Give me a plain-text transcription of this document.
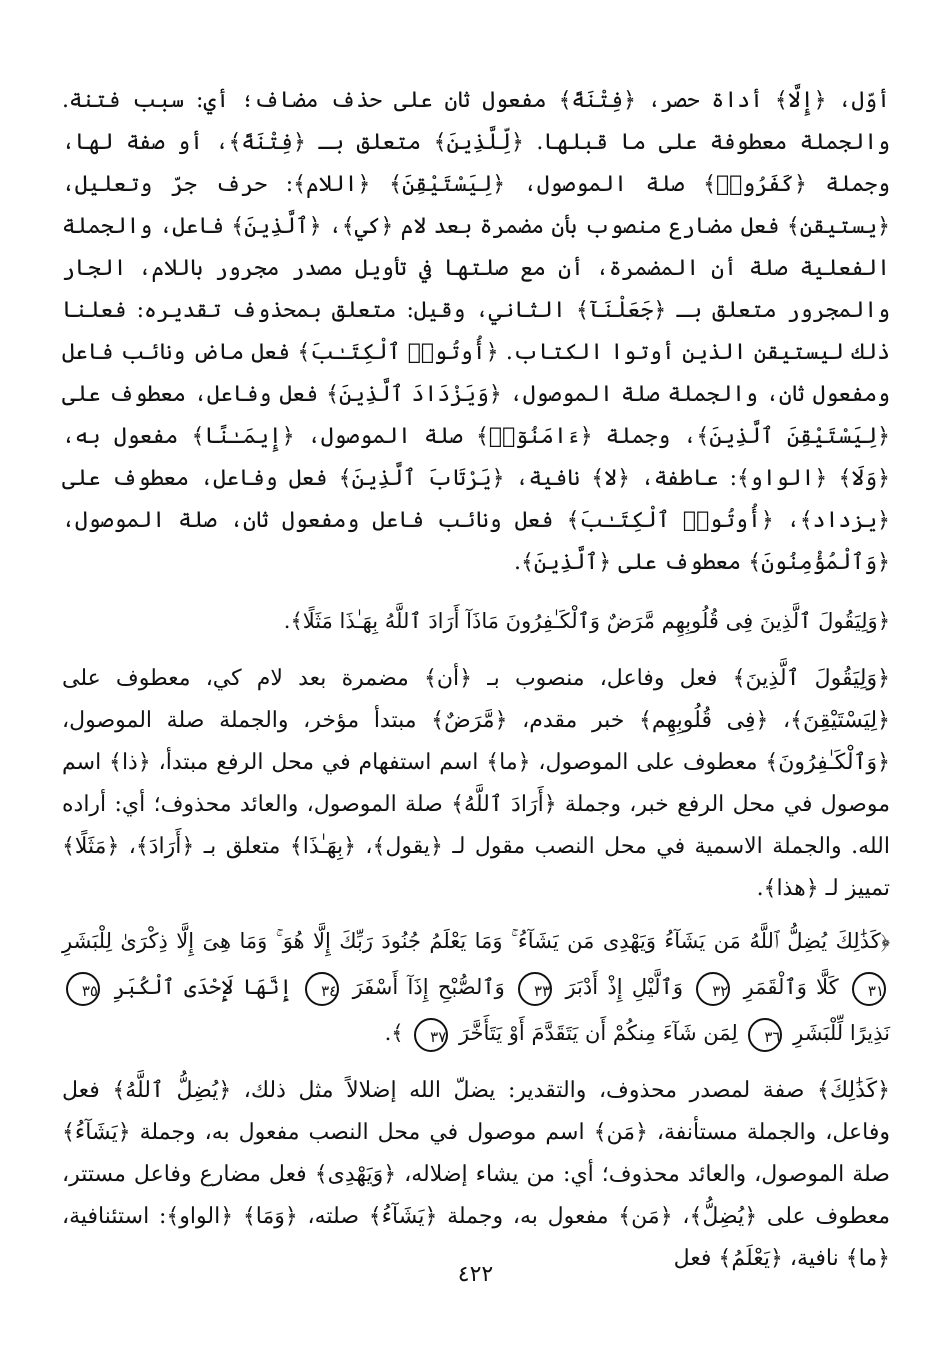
أوّل، ﴿إِلَّا﴾ أداة حصر، ﴿فِتْنَةً﴾ مفعول ثان على حذف مضاف؛ أي: سبب فتنة. والجملة معطوفة على ما قبلها. ﴿لِّلَّذِينَ﴾ متعلق بـ ﴿فِتْنَةً﴾، أو صفة لها، وجملة ﴿كَفَرُوا۟﴾ صلة الموصول، ﴿لِيَسْتَيْقِنَ﴾ ﴿اللام﴾: حرف جرّ وتعليل، ﴿يستيقن﴾ فعل مضارع منصوب بأن مضمرة بعد لام ﴿كي﴾، ﴿ٱلَّذِينَ﴾ فاعل، والجملة الفعلية صلة أن المضمرة، أن مع صلتها في تأويل مصدر مجرور باللام، الجار والمجرور متعلق بـ ﴿جَعَلْنَآ﴾ الثاني، وقيل: متعلق بمحذوف تقديره: فعلنا ذلك ليستيقن الذين أوتوا الكتاب. ﴿أُوتُوا۟ ٱلْكِتَـٰبَ﴾ فعل ماض ونائب فاعل ومفعول ثان، والجملة صلة الموصول، ﴿وَيَزْدَادَ ٱلَّذِينَ﴾ فعل وفاعل، معطوف على ﴿لِيَسْتَيْقِنَ ٱلَّذِينَ﴾، وجملة ﴿ءَامَنُوٓا۟﴾ صلة الموصول، ﴿إِيمَـٰنًا﴾ مفعول به، ﴿وَلَا﴾ ﴿الواو﴾: عاطفة، ﴿لا﴾ نافية، ﴿يَرْتَابَ ٱلَّذِينَ﴾ فعل وفاعل، معطوف على ﴿يزداد﴾، ﴿أُوتُوا۟ ٱلْكِتَـٰبَ﴾ فعل ونائب فاعل ومفعول ثان، صلة الموصول، ﴿وَٱلْمُؤْمِنُونَ﴾ معطوف على ﴿ٱلَّذِينَ﴾.

﴿وَلِيَقُولَ ٱلَّذِينَ فِى قُلُوبِهِم مَّرَضٌ وَٱلْكَـٰفِرُونَ مَاذَآ أَرَادَ ٱللَّهُ بِهَـٰذَا مَثَلًا﴾.

﴿وَلِيَقُولَ ٱلَّذِينَ﴾ فعل وفاعل، منصوب بـ ﴿أن﴾ مضمرة بعد لام كي، معطوف على ﴿لِيَسْتَيْقِنَ﴾، ﴿فِى قُلُوبِهِم﴾ خبر مقدم، ﴿مَّرَضٌ﴾ مبتدأ مؤخر، والجملة صلة الموصول، ﴿وَٱلْكَـٰفِرُونَ﴾ معطوف على الموصول، ﴿ما﴾ اسم استفهام في محل الرفع مبتدأ، ﴿ذا﴾ اسم موصول في محل الرفع خبر، وجملة ﴿أَرَادَ ٱللَّهُ﴾ صلة الموصول، والعائد محذوف؛ أي: أراده الله. والجملة الاسمية في محل النصب مقول لـ ﴿يقول﴾، ﴿بِهَـٰذَا﴾ متعلق بـ ﴿أَرَادَ﴾، ﴿مَثَلًا﴾ تمييز لـ ﴿هذا﴾.

﴿كَذَٰلِكَ يُضِلُّ ٱللَّهُ مَن يَشَآءُ وَيَهْدِى مَن يَشَآءُ ۚ وَمَا يَعْلَمُ جُنُودَ رَبِّكَ إِلَّا هُوَ ۚ وَمَا هِىَ إِلَّا ذِكْرَىٰ لِلْبَشَرِ ٣١ كَلَّا وَٱلْقَمَرِ ٣٢ وَٱلَّيْلِ إِذْ أَدْبَرَ ٣٣ وَٱلصُّبْحِ إِذَآ أَسْفَرَ ٣٤ إِنَّهَا لَإِحْدَى ٱلْكُبَرِ ٣٥ نَذِيرًا لِّلْبَشَرِ ٣٦ لِمَن شَآءَ مِنكُمْ أَن يَتَقَدَّمَ أَوْ يَتَأَخَّرَ ٣٧ ﴾.

﴿كَذَٰلِكَ﴾ صفة لمصدر محذوف، والتقدير: يضلّ الله إضلالاً مثل ذلك، ﴿يُضِلُّ ٱللَّهُ﴾ فعل وفاعل، والجملة مستأنفة، ﴿مَن﴾ اسم موصول في محل النصب مفعول به، وجملة ﴿يَشَآءُ﴾ صلة الموصول، والعائد محذوف؛ أي: من يشاء إضلاله، ﴿وَيَهْدِى﴾ فعل مضارع وفاعل مستتر، معطوف على ﴿يُضِلُّ﴾، ﴿مَن﴾ مفعول به، وجملة ﴿يَشَآءُ﴾ صلته، ﴿وَمَا﴾ ﴿الواو﴾: استئنافية، ﴿ما﴾ نافية، ﴿يَعْلَمُ﴾ فعل

٤٢٢
